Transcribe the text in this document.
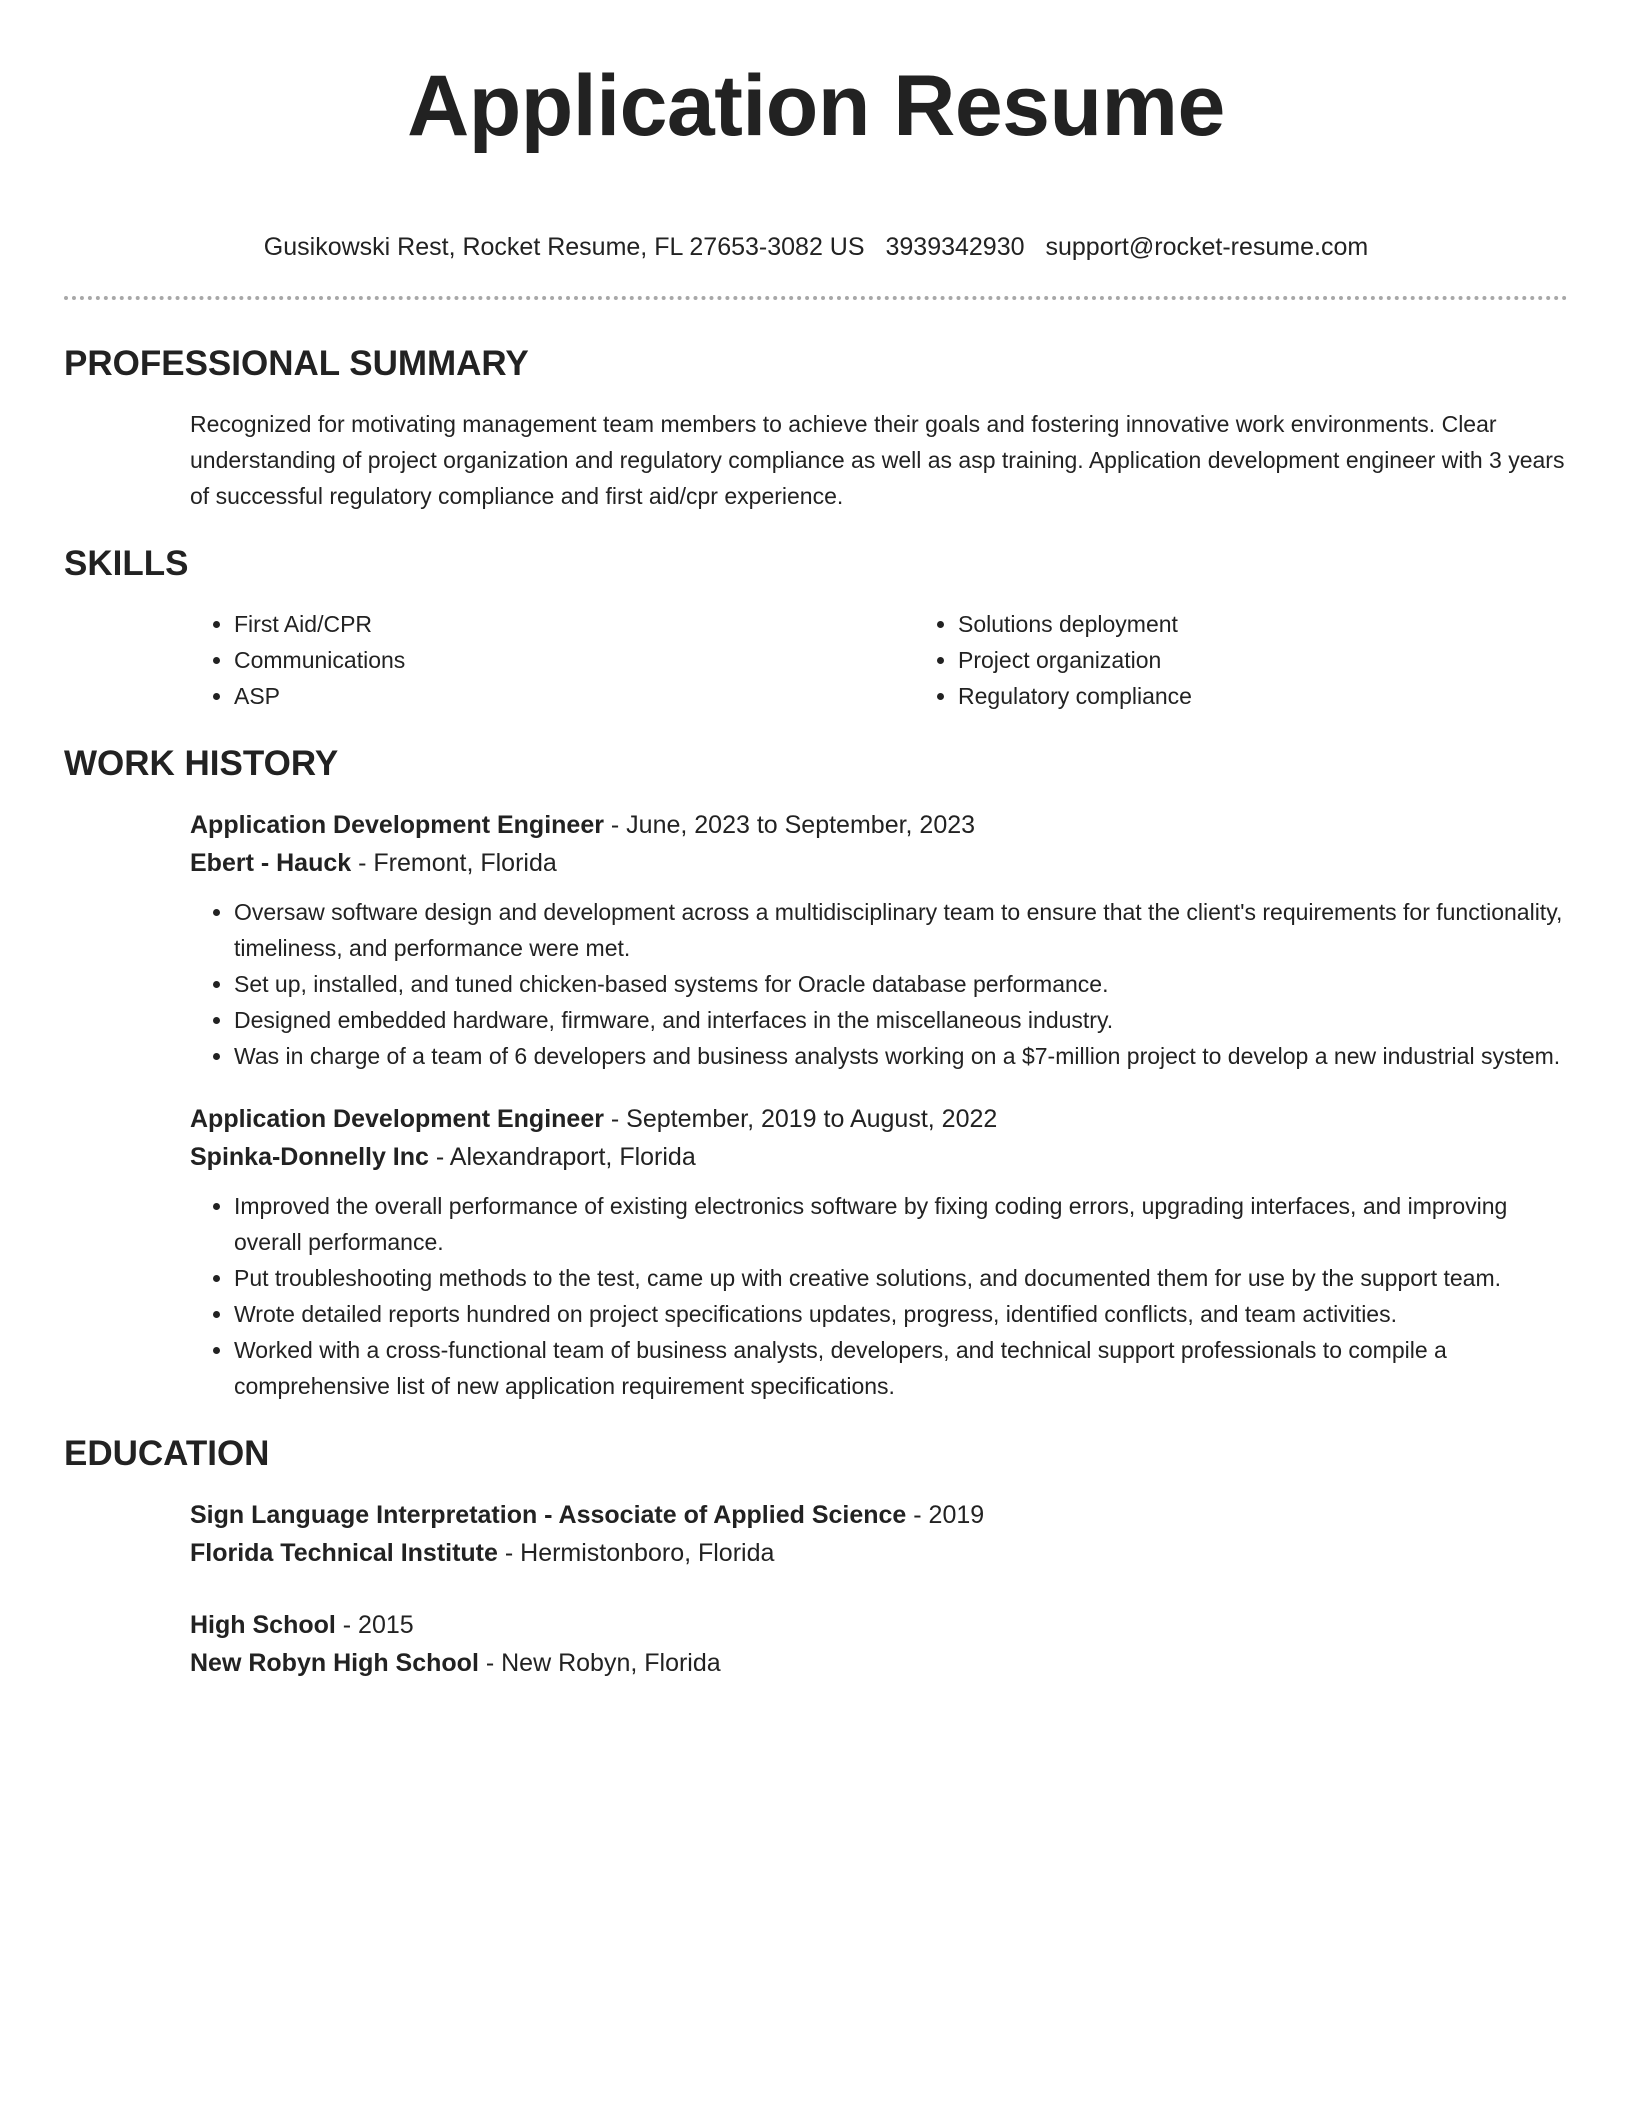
Application Resume
Gusikowski Rest, Rocket Resume, FL 27653-3082 US 3939342930 support@rocket-resume.com
PROFESSIONAL SUMMARY

Recognized for motivating management team members to achieve their goals and fostering innovative work environments. Clear understanding of project organization and regulatory compliance as well as asp training. Application development engineer with 3 years of successful regulatory compliance and first aid/cpr experience.

SKILLS
• First Aid/CPR
• Communications
• ASP
• Solutions deployment
• Project organization
• Regulatory compliance
WORK HISTORY
Application Development Engineer - June, 2023 to September, 2023
Ebert - Hauck - Fremont, Florida
• Oversaw software design and development across a multidisciplinary team to ensure that the client's requirements for functionality, timeliness, and performance were met.
• Set up, installed, and tuned chicken-based systems for Oracle database performance.
• Designed embedded hardware, firmware, and interfaces in the miscellaneous industry.
• Was in charge of a team of 6 developers and business analysts working on a $7-million project to develop a new industrial system.
Application Development Engineer - September, 2019 to August, 2022
Spinka-Donnelly Inc - Alexandraport, Florida
• Improved the overall performance of existing electronics software by fixing coding errors, upgrading interfaces, and improving overall performance.
• Put troubleshooting methods to the test, came up with creative solutions, and documented them for use by the support team.
• Wrote detailed reports hundred on project specifications updates, progress, identified conflicts, and team activities.
• Worked with a cross-functional team of business analysts, developers, and technical support professionals to compile a comprehensive list of new application requirement specifications.
EDUCATION
Sign Language Interpretation - Associate of Applied Science - 2019
Florida Technical Institute - Hermistonboro, Florida
High School - 2015
New Robyn High School - New Robyn, Florida
